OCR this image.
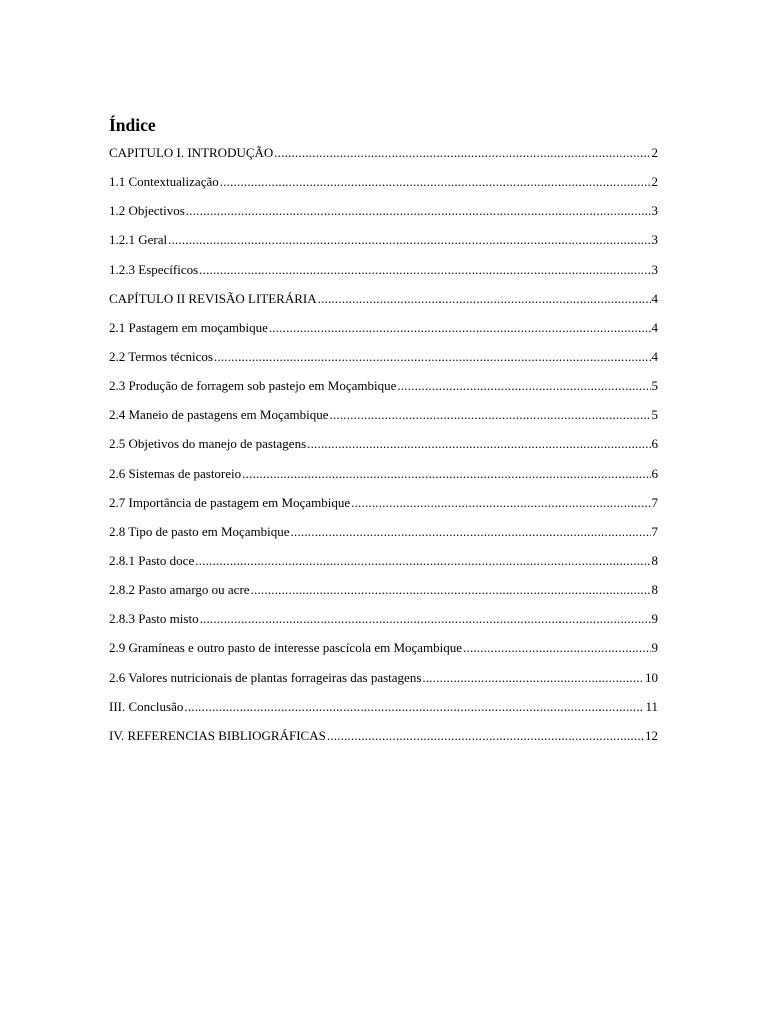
Índice
CAPITULO I. INTRODUÇÃO .....	2
1.1 Contextualização .....	2
1.2 Objectivos .....	3
1.2.1 Geral .....	3
1.2.3 Específicos .....	3
CAPÍTULO II REVISÃO LITERÁRIA .....	4
2.1 Pastagem em moçambique .....	4
2.2 Termos técnicos .....	4
2.3 Produção de forragem sob pastejo em Moçambique .....	5
2.4 Maneio de pastagens em Moçambique .....	5
2.5 Objetivos do manejo de pastagens .....	6
2.6 Sistemas de pastoreio .....	6
2.7 Importância de pastagem em Moçambique .....	7
2.8 Tipo de pasto em Moçambique .....	7
2.8.1 Pasto doce .....	8
2.8.2 Pasto amargo ou acre .....	8
2.8.3 Pasto misto .....	9
2.9 Gramíneas e outro pasto de interesse pascícola em Moçambique .....	9
2.6 Valores nutricionais de plantas forrageiras das pastagens .....	10
III. Conclusão .....	11
IV. REFERENCIAS BIBLIOGRÁFICAS .....	12
